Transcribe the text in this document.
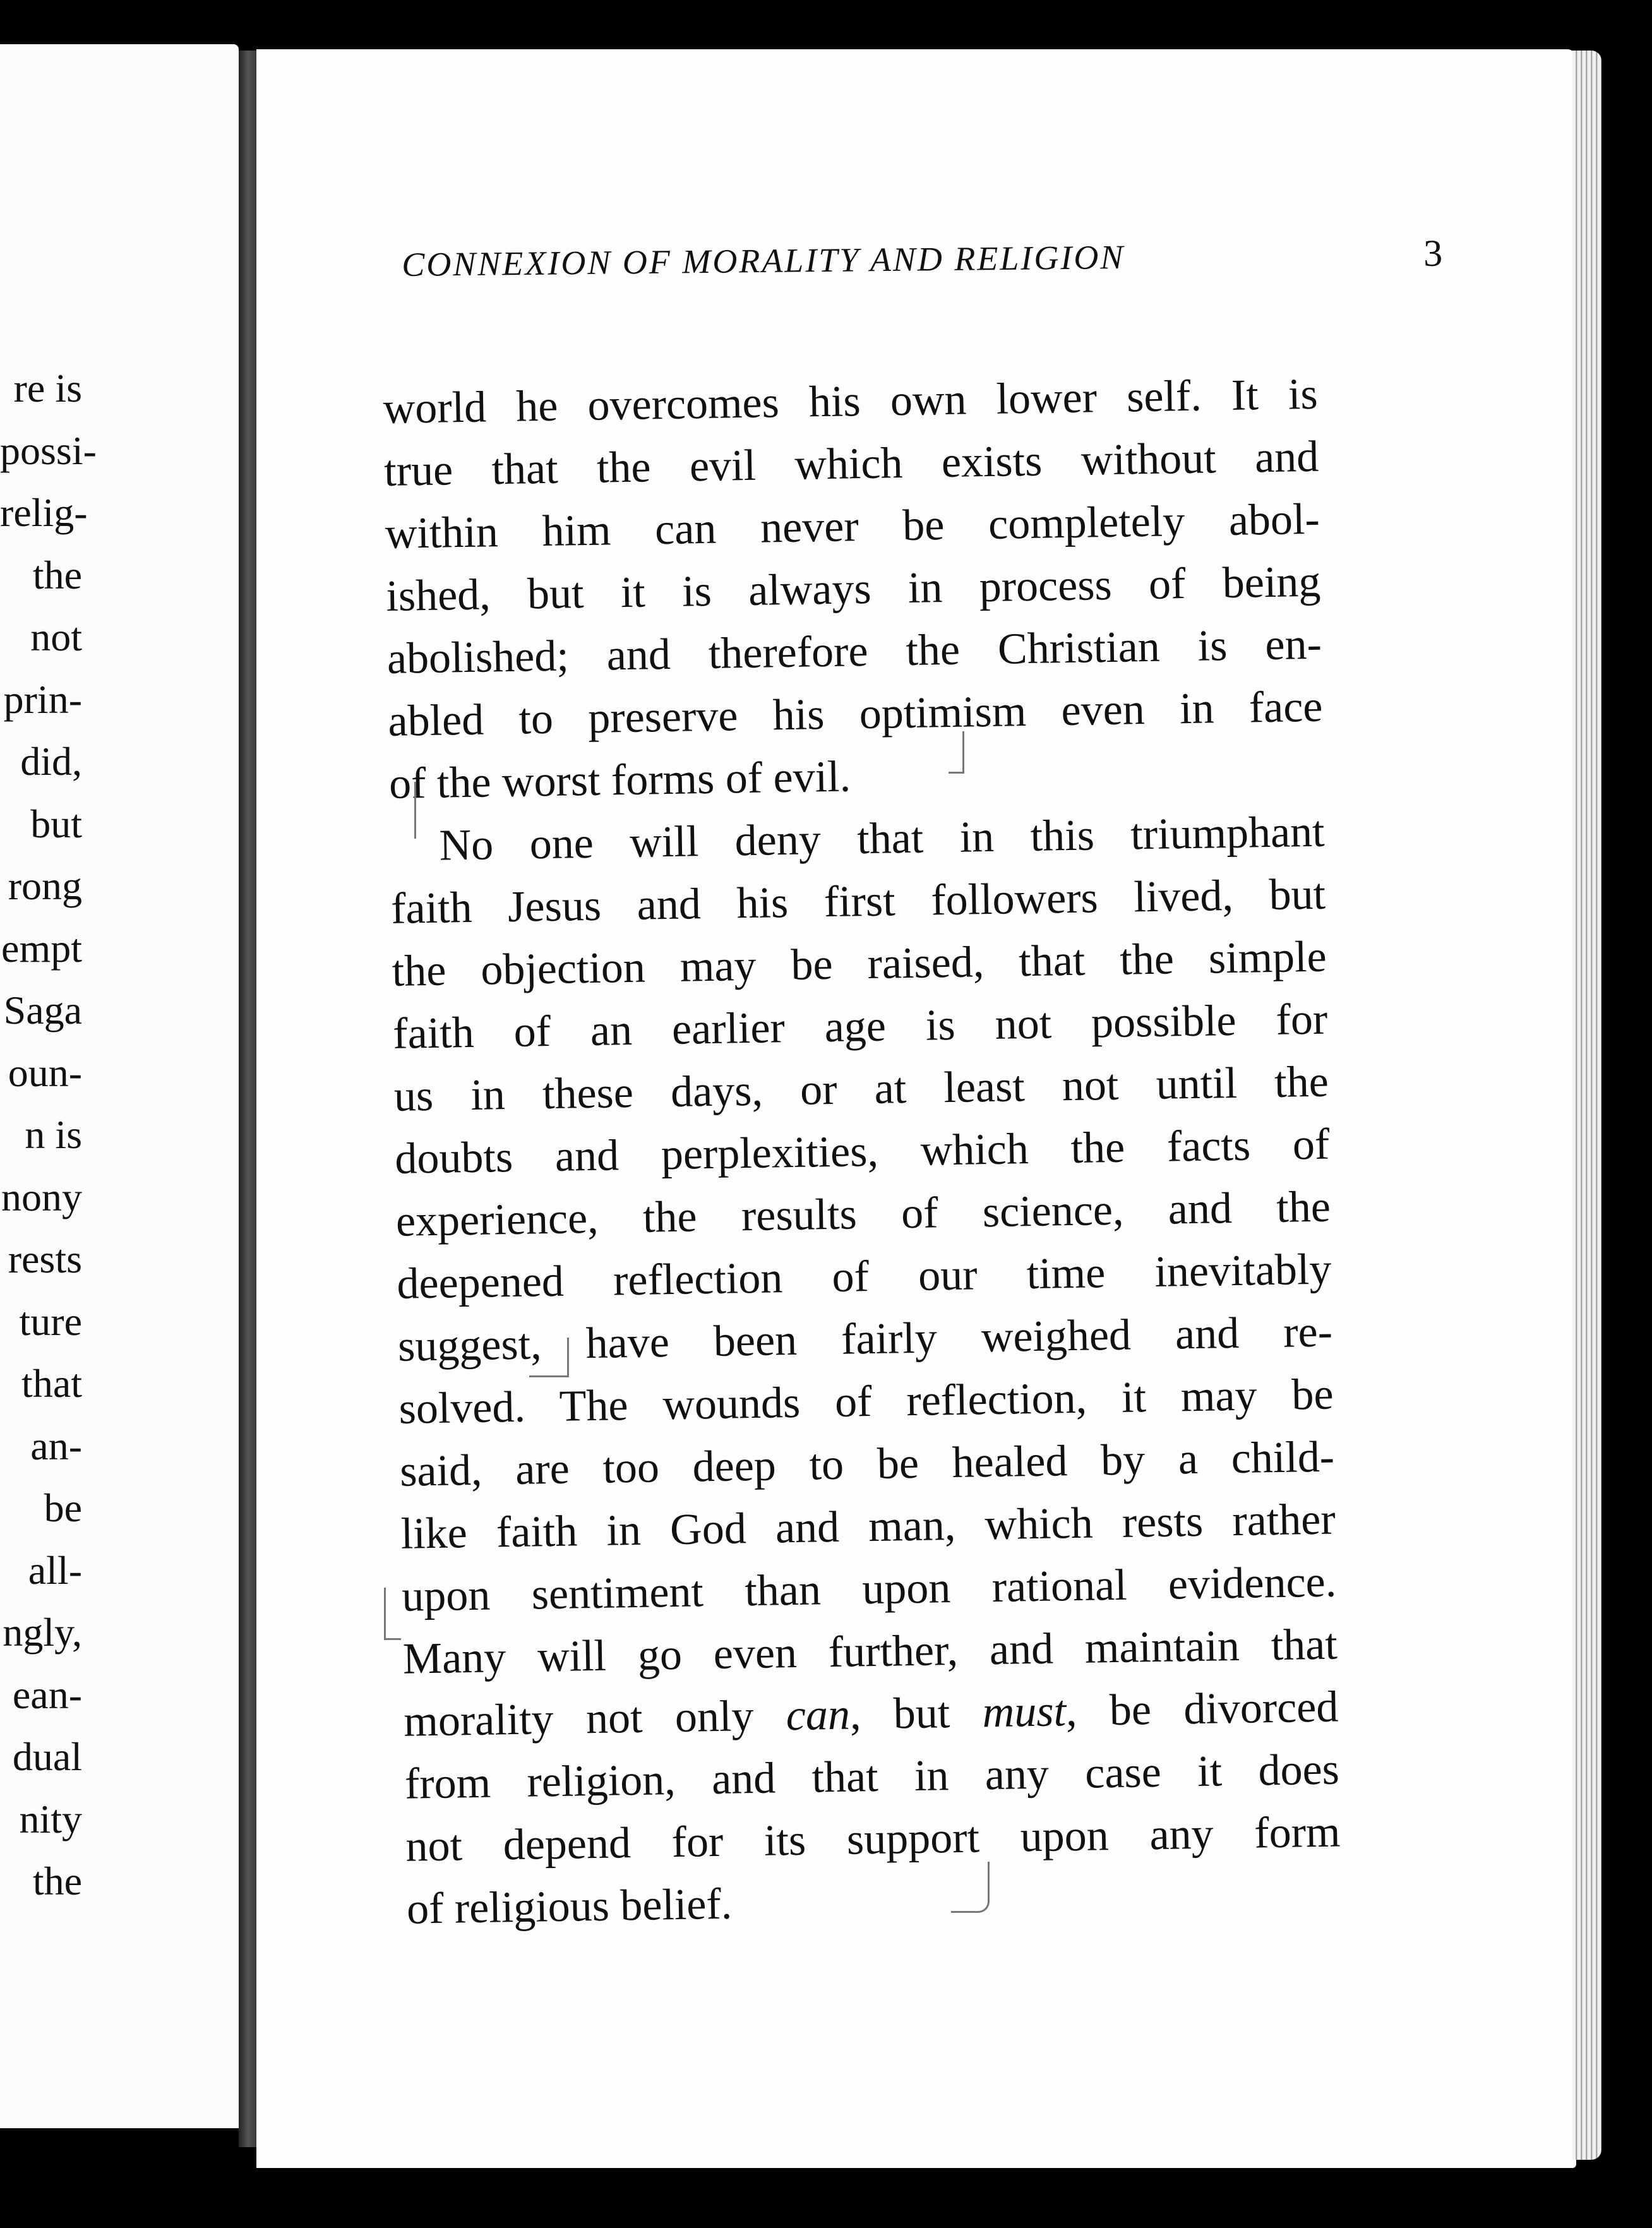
re is
possi-
relig-
the
not
prin-
did,
but
rong
empt
Saga
oun-
n is
nony
rests
ture
that
an-
be
all-
ngly,
ean-
dual
nity
the
CONNEXION OF MORALITY AND RELIGION	3
world he overcomes his own lower self. It is
true that the evil which exists without and
within him can never be completely abol-
ished, but it is always in process of being
abolished; and therefore the Christian is en-
abled to preserve his optimism even in face
of the worst forms of evil.
No one will deny that in this triumphant
faith Jesus and his first followers lived, but
the objection may be raised, that the simple
faith of an earlier age is not possible for
us in these days, or at least not until the
doubts and perplexities, which the facts of
experience, the results of science, and the
deepened reflection of our time inevitably
suggest, have been fairly weighed and re-
solved. The wounds of reflection, it may be
said, are too deep to be healed by a child-
like faith in God and man, which rests rather
upon sentiment than upon rational evidence.
Many will go even further, and maintain that
morality not only can, but must, be divorced
from religion, and that in any case it does
not depend for its support upon any form
of religious belief.
